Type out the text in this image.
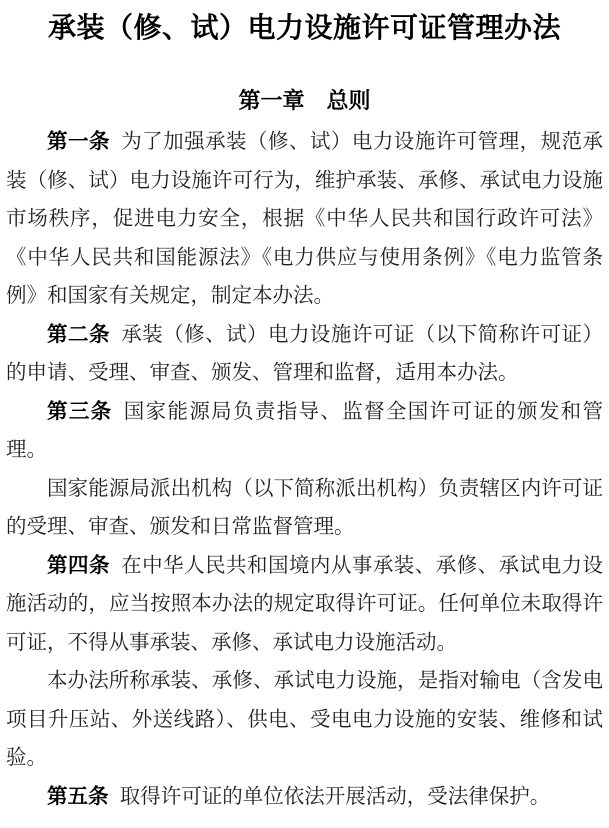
承装（修、试）电力设施许可证管理办法
第一章　总则

第一条 为了加强承装（修、试）电力设施许可管理，规范承装（修、试）电力设施许可行为，维护承装、承修、承试电力设施市场秩序，促进电力安全，根据《中华人民共和国行政许可法》《中华人民共和国能源法》《电力供应与使用条例》《电力监管条例》和国家有关规定，制定本办法。

第二条 承装（修、试）电力设施许可证（以下简称许可证）的申请、受理、审查、颁发、管理和监督，适用本办法。

第三条 国家能源局负责指导、监督全国许可证的颁发和管理。

国家能源局派出机构（以下简称派出机构）负责辖区内许可证的受理、审查、颁发和日常监督管理。

第四条 在中华人民共和国境内从事承装、承修、承试电力设施活动的，应当按照本办法的规定取得许可证。任何单位未取得许可证，不得从事承装、承修、承试电力设施活动。

本办法所称承装、承修、承试电力设施，是指对输电（含发电项目升压站、外送线路）、供电、受电电力设施的安装、维修和试验。

第五条 取得许可证的单位依法开展活动，受法律保护。
